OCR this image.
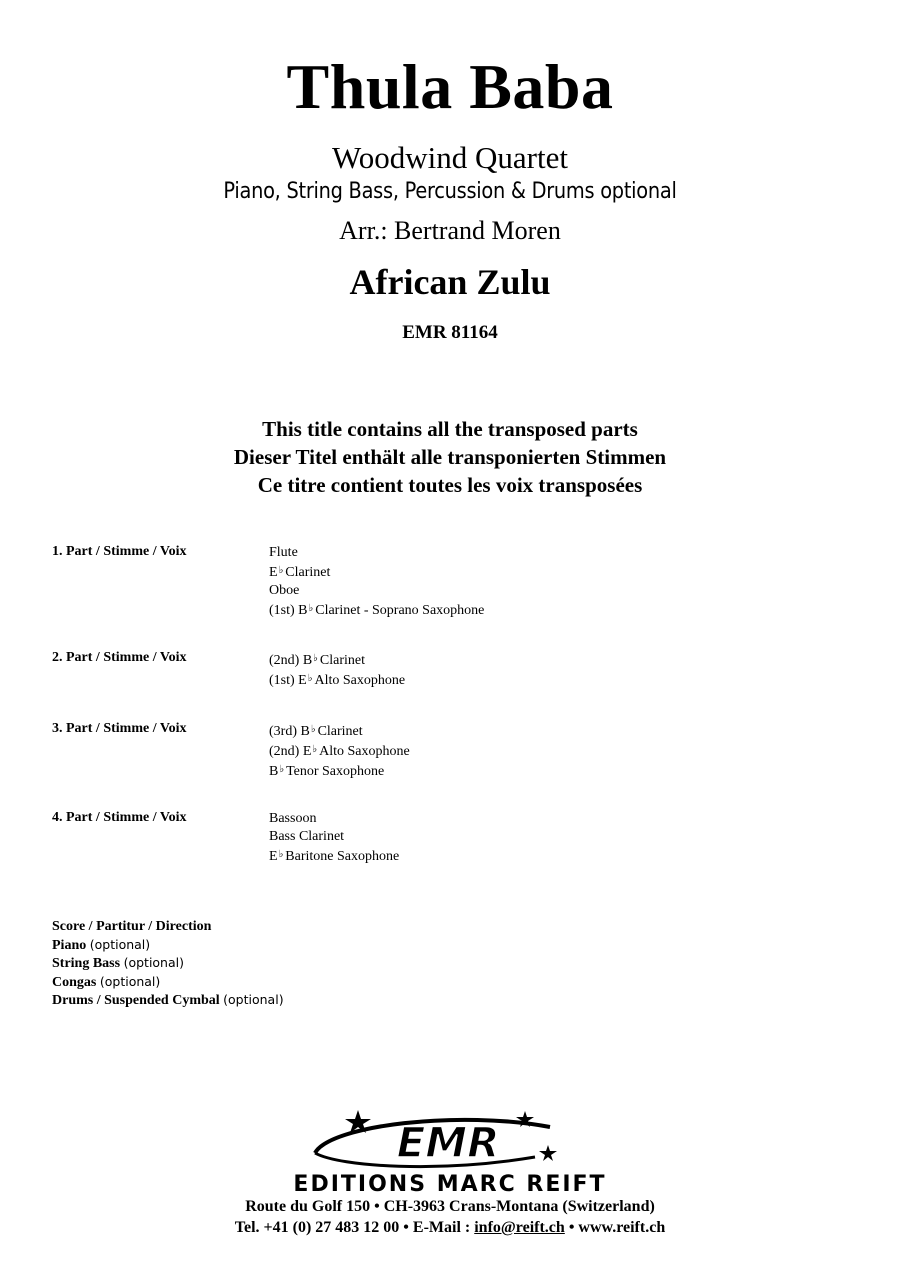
Thula Baba
Woodwind Quartet
Piano, String Bass, Percussion & Drums optional
Arr.: Bertrand Moren
African Zulu
EMR 81164
This title contains all the transposed parts
Dieser Titel enthält alle transponierten Stimmen
Ce titre contient toutes les voix transposées
1. Part / Stimme / Voix	Flute
E♭ Clarinet
Oboe
(1st) B♭ Clarinet - Soprano Saxophone
2. Part / Stimme / Voix	(2nd) B♭ Clarinet
(1st) E♭ Alto Saxophone
3. Part / Stimme / Voix	(3rd) B♭ Clarinet
(2nd) E♭ Alto Saxophone
B♭ Tenor Saxophone
4. Part / Stimme / Voix	Bassoon
Bass Clarinet
E♭ Baritone Saxophone
Score / Partitur / Direction
Piano (optional)
String Bass (optional)
Congas (optional)
Drums / Suspended Cymbal (optional)
EMR
EDITIONS MARC REIFT
Route du Golf 150 • CH-3963 Crans-Montana (Switzerland)
Tel. +41 (0) 27 483 12 00 • E-Mail : info@reift.ch • www.reift.ch
